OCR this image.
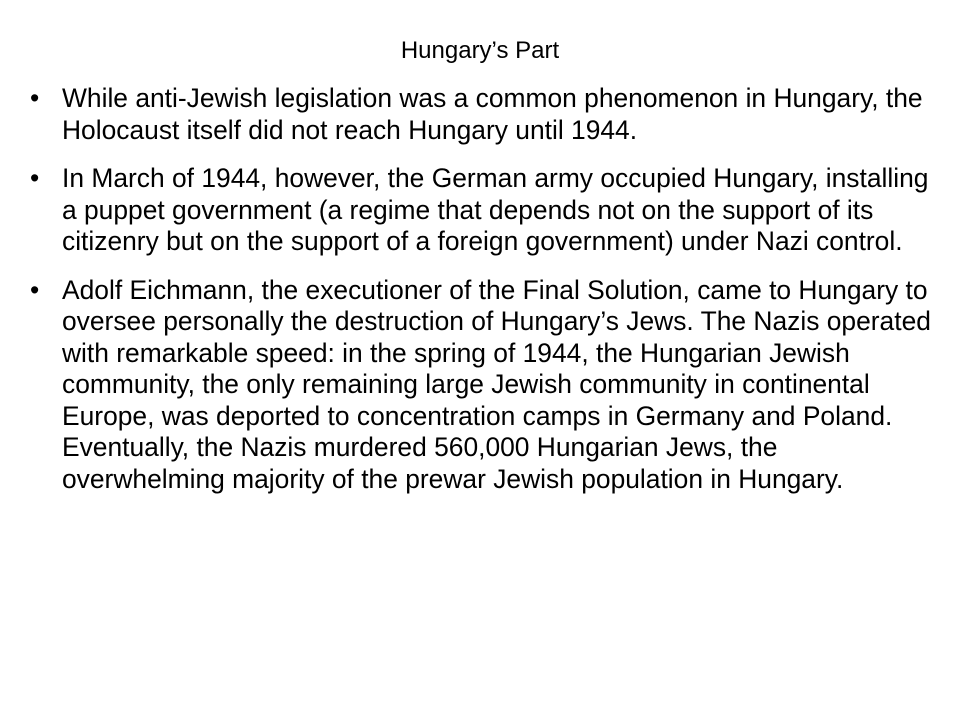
Hungary’s Part
• While anti-Jewish legislation was a common phenomenon in Hungary, the Holocaust itself did not reach Hungary until 1944.
• In March of 1944, however, the German army occupied Hungary, installing a puppet government (a regime that depends not on the support of its citizenry but on the support of a foreign government) under Nazi control.
• Adolf Eichmann, the executioner of the Final Solution, came to Hungary to oversee personally the destruction of Hungary’s Jews. The Nazis operated with remarkable speed: in the spring of 1944, the Hungarian Jewish community, the only remaining large Jewish community in continental Europe, was deported to concentration camps in Germany and Poland. Eventually, the Nazis murdered 560,000 Hungarian Jews, the overwhelming majority of the prewar Jewish population in Hungary.
